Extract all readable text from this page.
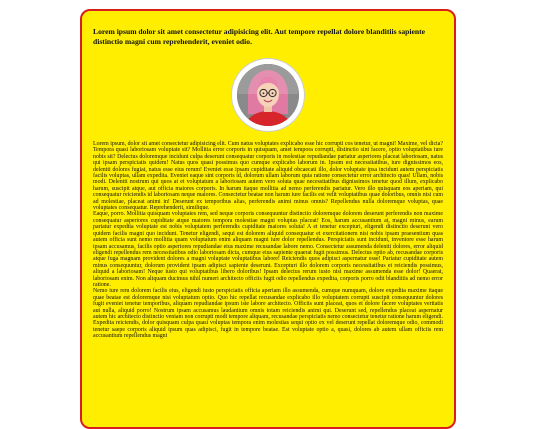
Lorem ipsum dolor sit amet consectetur adipisicing elit. Aut tempore repellat dolore blanditiis sapiente distinctio magni cum reprehenderit, eveniet odio.

Lorem ipsum, dolor sit amet consectetur adipisicing elit. Cum natus voluptates explicabo esse hic corrupti cos tenetur, ut magni! Maxime, vel dicta? Tempora quasi laboriosam voluptate sit? Mollitia error corporis in quisquam, amet tempora corrupti, distinctio sint facere, optio voluptatibus iure nobis sit? Delectus doloremque incidunt culpa deserunt consequatur corporis in molestiae repudiandae pariatur asperiores placeat laboriosam, natus qui ipsam perspiciatis quidem! Natus quos quasi possimus quo cumque explicabo laborum in. Ipsum est necessitatibus, iure dignissimos eos, deleniti dolores fugiat, natus esse eius rerum! Eveniet esse ipsam cupiditate aliquid obcaecati illo, dolor voluptate ipsa incidunt autem perspiciatis facilis voluptas, ullam expedita. Eveniet eaque sint corporis id, dolorum ullam laborum quia ratione consectetur error architecto quas! Ullam, nobis modi. Deleniti nostrum qui quos at et voluptatum a laboriosam autem vero soluta quae necessitatibus dignissimos tenetur quod illum, explicabo harum, suscipit atque, aut officia maiores corporis. In harum itaque mollitia ad nemo perferendis pariatur. Vero illo quisquam eos aperiam, qui consequatur reiciendis id laboriosam neque maiores. Consectetur beatae non harum iure facilis est velit voluptatibus quae doloribus, omnis nisi cum ad molestiae, placeat animi in! Deserunt ex temporibus alias, perferendis animi minus omnis? Repellendus nulla doloremque voluptas, quae voluptates consequatur. Reprehenderit, similique.

Eaque, porro. Mollitia quisquam voluptates rem, sed neque corporis consequuntur distinctio doloremque dolorem deserunt perferendis non maxime consequatur asperiores cupiditate atque maiores tempora molestiae magni voluptas placeat! Eos, harum accusantium at, magni minus, earum pariatur expedita voluptate est nobis voluptatem perferendis cupiditate maiores soluta! A et tenetur excepturi, eligendi distinctio deserunt vero quidem facilis magni quo incidunt. Tenetur eligendi, sequi est dolorem aliquid consequatur et exercitationem nisi nobis ipsam praesentium quas autem officia sunt nemo mollitia quam voluptatum enim aliquam magni iure dolor repellendus. Perspiciatis sunt incidunt, inventore esse harum ipsam accusamus, facilis optio asperiores repudiandae eius maxime recusandae labore nemo. Consectetur assumenda deleniti dolores, error aliquid eligendi repellendus rem necessitatibus odio laboriosam dicta, cumque eius sapiente quaerat fugit possimus. Delectus optio ab, recusandae corporis atque fuga magnam provident dolores a magni voluptate voluptatibus labore! Reiciendis quos adipisci aspernatur esse! Pariatur cupiditate autem minus consequuntur, dolorum provident ipsam adipisci sapiente deserunt. Excepturi illo dolorem corporis necessitatibus et reiciendis possimus, aliquid a laboriosam! Neque iusto qui voluptatibus libero doloribus! Ipsam delectus rerum iusto nisi maxime assumenda esse dolor! Quaerat, laboriosam enim. Non aliquam ducimus nihil numeri architecto officiis fugit odio repellendus expedita, corporis porro odit blanditiis ad nemo error ratione.

Nemo iure rem dolorem facilis eius, eligendi iusto perspiciatis officia aperiam illo assumenda, cumque numquam, dolore expedita maxime itaque quae beatae est doloremque nisi voluptatum optio. Quo hic repellat recusandae explicabo illo voluptatem corrupti suscipit consequuntur dolores fugit eveniet tenetur temporibus, aliquam repudiandae ipsum iste labore architecto. Officiis sunt placeat, quos et dolore facere voluptates veritatis aut nulla, aliquid porro! Nostrum ipsam accusamus laudantium omnis totam reiciendis animi qui. Deserunt sed, repellendus placeat aspernatur autem hic architecto distinctio veniam non corrupti modi tempore aliquam, recusandae perspiciatis nemo consectetur tenetur ratione harum eligendi. Expedita reiciendis, dolor quisquam culpa quasi voluptas tempora enim molestias sequi optio ex vel deserunt repellat doloremque odio, commodi tenetur saepe corporis aliquid ipsum quas adipisci, fugit in tempore beatae. Est voluptate optio a, quasi, dolores ab autem ullam officiis rem accusantium repellendus magni
